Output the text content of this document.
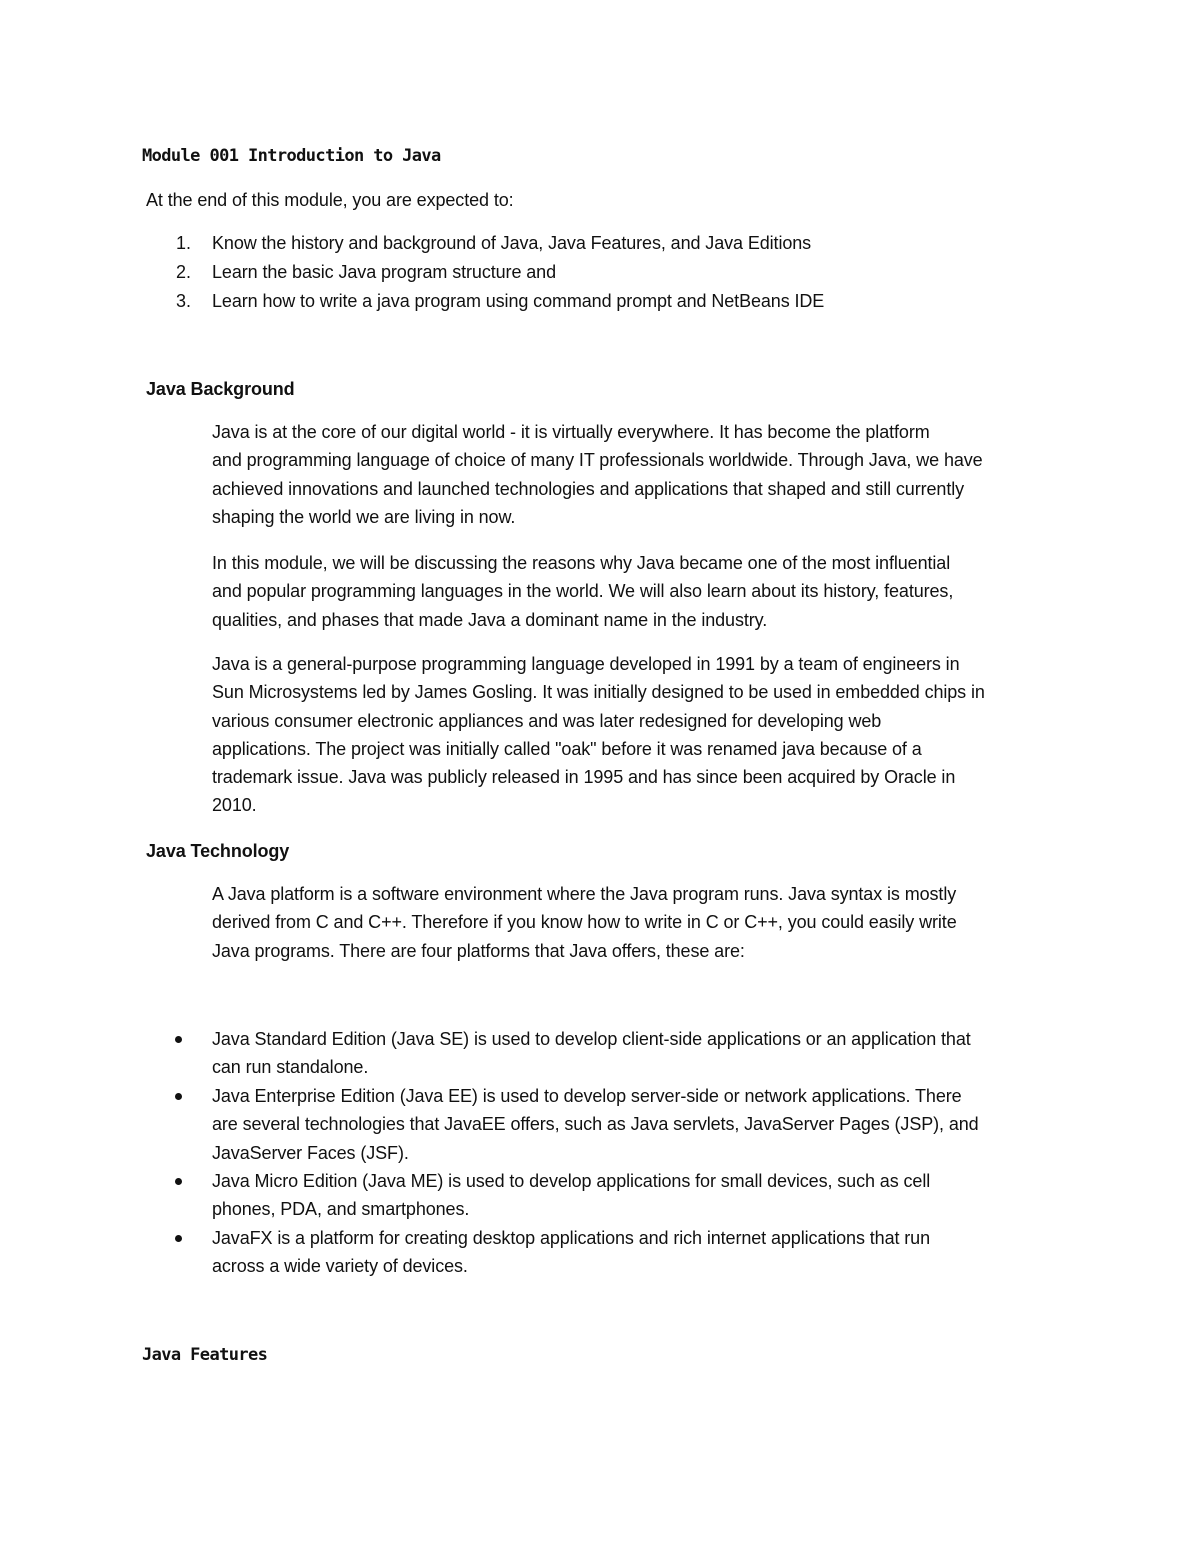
Module 001 Introduction to Java
At the end of this module, you are expected to:
1.	Know the history and background of Java, Java Features, and Java Editions
2.	Learn the basic Java program structure and
3.	Learn how to write a java program using command prompt and NetBeans IDE
Java Background
Java is at the core of our digital world - it is virtually everywhere. It has become the platform
and programming language of choice of many IT professionals worldwide. Through Java, we have
achieved innovations and launched technologies and applications that shaped and still currently
shaping the world we are living in now.
In this module, we will be discussing the reasons why Java became one of the most influential
and popular programming languages in the world. We will also learn about its history, features,
qualities, and phases that made Java a dominant name in the industry.
Java is a general-purpose programming language developed in 1991 by a team of engineers in
Sun Microsystems led by James Gosling. It was initially designed to be used in embedded chips in
various consumer electronic appliances and was later redesigned for developing web
applications. The project was initially called "oak" before it was renamed java because of a
trademark issue. Java was publicly released in 1995 and has since been acquired by Oracle in
2010.
Java Technology
A Java platform is a software environment where the Java program runs. Java syntax is mostly
derived from C and C++. Therefore if you know how to write in C or C++, you could easily write
Java programs. There are four platforms that Java offers, these are:
Java Standard Edition (Java SE) is used to develop client-side applications or an application that
can run standalone.
Java Enterprise Edition (Java EE) is used to develop server-side or network applications. There
are several technologies that JavaEE offers, such as Java servlets, JavaServer Pages (JSP), and
JavaServer Faces (JSF).
Java Micro Edition (Java ME) is used to develop applications for small devices, such as cell
phones, PDA, and smartphones.
JavaFX is a platform for creating desktop applications and rich internet applications that run
across a wide variety of devices.
Java Features
